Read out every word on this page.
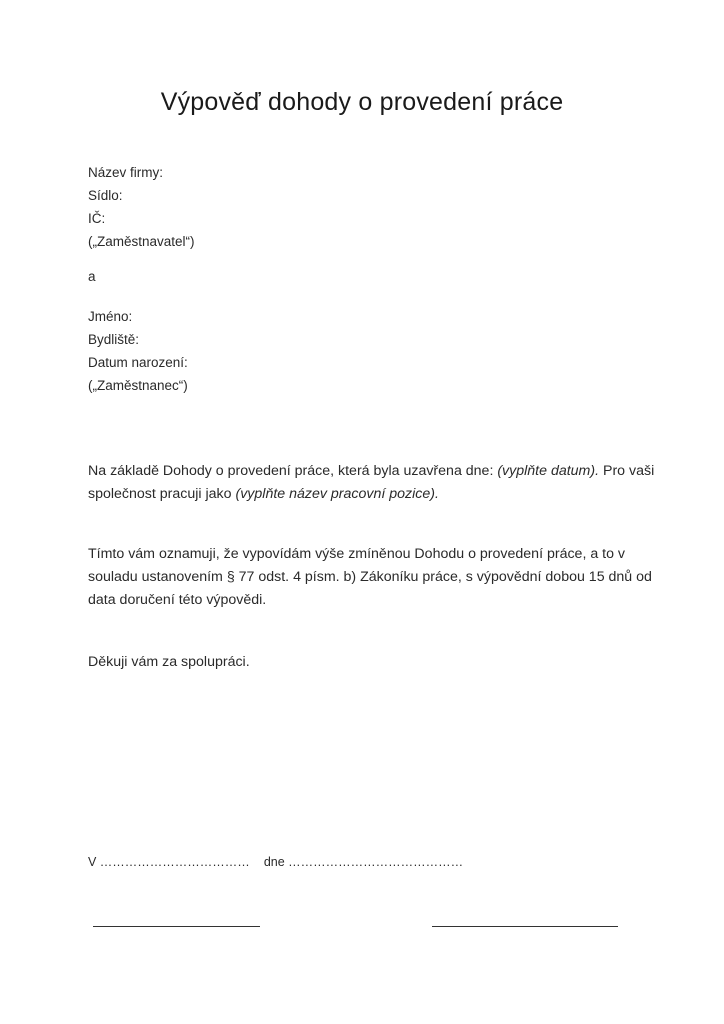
Výpověď dohody o provedení práce

Název firmy:

Sídlo:

IČ:

(„Zaměstnavatel“)

a

Jméno:

Bydliště:

Datum narození:

(„Zaměstnanec“)

Na základě Dohody o provedení práce, která byla uzavřena dne: (vyplňte datum). Pro vaši společnost pracuji jako (vyplňte název pracovní pozice).

Tímto vám oznamuji, že vypovídám výše zmíněnou Dohodu o provedení práce, a to v souladu ustanovením § 77 odst. 4 písm. b) Zákoníku práce, s výpovědní dobou 15 dnů od data doručení této výpovědi.

Děkuji vám za spolupráci.

V ……………………………… dne ……………………………………
